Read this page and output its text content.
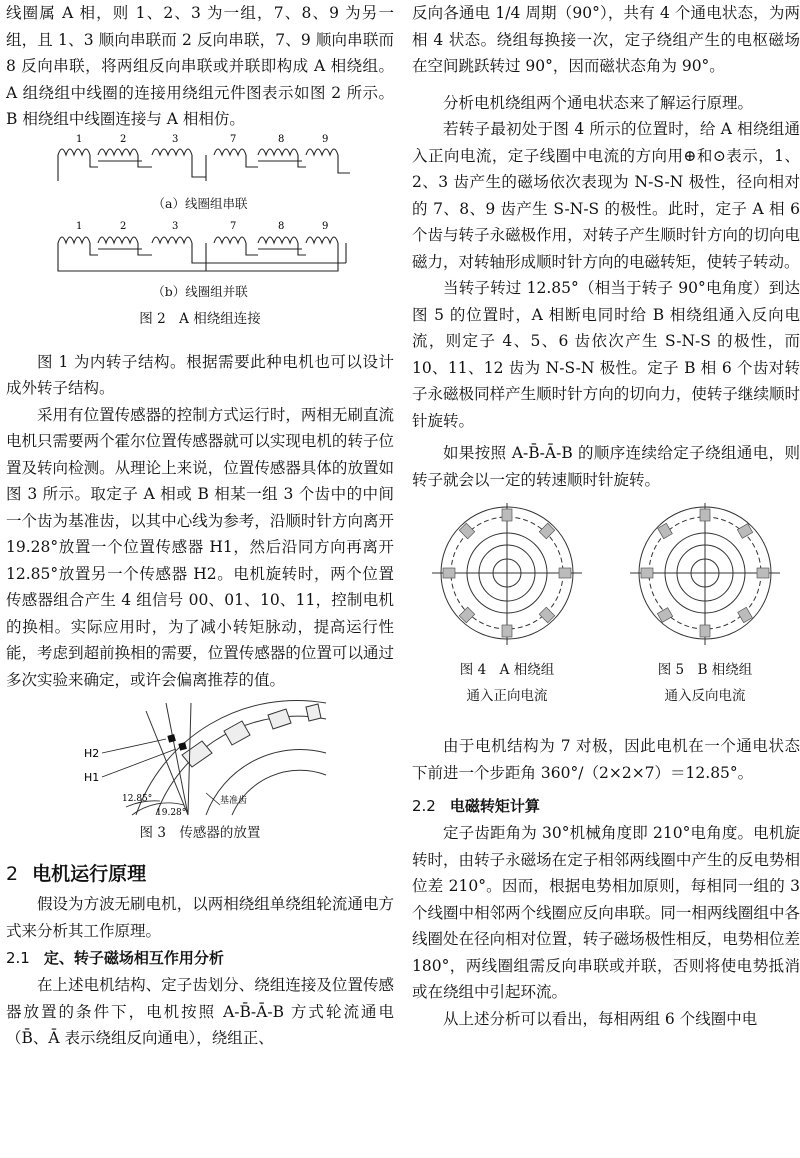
线圈属 A 相，则 1、2、3 为一组，7、8、9 为另一组，且 1、3 顺向串联而 2 反向串联，7、9 顺向串联而 8 反向串联，将两组反向串联或并联即构成 A 相绕组。A 组绕组中线圈的连接用绕组元件图表示如图 2 所示。B 相绕组中线圈连接与 A 相相仿。

1	2	3	7	8	9
（a）线圈组串联
1	2	3	7	8	9
（b）线圈组并联
图 2　A 相绕组连接

图 1 为内转子结构。根据需要此种电机也可以设计成外转子结构。

采用有位置传感器的控制方式运行时，两相无刷直流电机只需要两个霍尔位置传感器就可以实现电机的转子位置及转向检测。从理论上来说，位置传感器具体的放置如图 3 所示。取定子 A 相或 B 相某一组 3 个齿中的中间一个齿为基准齿，以其中心线为参考，沿顺时针方向离开 19.28°放置一个位置传感器 H1，然后沿同方向再离开 12.85°放置另一个传感器 H2。电机旋转时，两个位置传感器组合产生 4 组信号 00、01、10、11，控制电机的换相。实际应用时，为了减小转矩脉动，提高运行性能，考虑到超前换相的需要，位置传感器的位置可以通过多次实验来确定，或许会偏离推荐的值。

H2
H1
12.85°
19.28°
基准齿
图 3　传感器的放置
2 电机运行原理

假设为方波无刷电机，以两相绕组单绕组轮流通电方式来分析其工作原理。

2.1 定、转子磁场相互作用分析

在上述电机结构、定子齿划分、绕组连接及位置传感器放置的条件下，电机按照 A-B̄-Ā-B 方式轮流通电（B̄、Ā 表示绕组反向通电），绕组正、

反向各通电 1/4 周期（90°），共有 4 个通电状态，为两相 4 状态。绕组每换接一次，定子绕组产生的电枢磁场在空间跳跃转过 90°，因而磁状态角为 90°。

分析电机绕组两个通电状态来了解运行原理。

若转子最初处于图 4 所示的位置时，给 A 相绕组通入正向电流，定子线圈中电流的方向用⊕和⊙表示，1、2、3 齿产生的磁场依次表现为 N-S-N 极性，径向相对的 7、8、9 齿产生 S-N-S 的极性。此时，定子 A 相 6 个齿与转子永磁极作用，对转子产生顺时针方向的切向电磁力，对转轴形成顺时针方向的电磁转矩，使转子转动。

当转子转过 12.85°（相当于转子 90°电角度）到达图 5 的位置时，A 相断电同时给 B 相绕组通入反向电流，则定子 4、5、6 齿依次产生 S-N-S 的极性，而 10、11、12 齿为 N-S-N 极性。定子 B 相 6 个齿对转子永磁极同样产生顺时针方向的切向力，使转子继续顺时针旋转。

如果按照 A-B̄-Ā-B 的顺序连续给定子绕组通电，则转子就会以一定的转速顺时针旋转。

图 4　A 相绕组
通入正向电流
图 5　B 相绕组
通入反向电流

由于电机结构为 7 对极，因此电机在一个通电状态下前进一个步距角 360°/（2×2×7）＝12.85°。

2.2 电磁转矩计算

定子齿距角为 30°机械角度即 210°电角度。电机旋转时，由转子永磁场在定子相邻两线圈中产生的反电势相位差 210°。因而，根据电势相加原则，每相同一组的 3 个线圈中相邻两个线圈应反向串联。同一相两线圈组中各线圈处在径向相对位置，转子磁场极性相反，电势相位差 180°，两线圈组需反向串联或并联，否则将使电势抵消或在绕组中引起环流。

从上述分析可以看出，每相两组 6 个线圈中电
